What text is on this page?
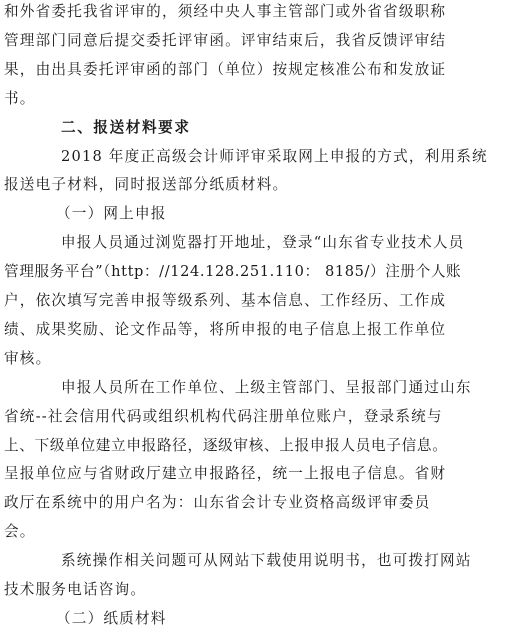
和外省委托我省评审的，须经中央人事主管部门或外省省级职称
管理部门同意后提交委托评审函。评审结束后，我省反馈评审结
果，由出具委托评审函的部门（单位）按规定核准公布和发放证
书。
二、报送材料要求
2018 年度正高级会计师评审采取网上申报的方式，利用系统
报送电子材料，同时报送部分纸质材料。
（一）网上申报
申报人员通过浏览器打开地址，登录“山东省专业技术人员
管理服务平台”（http：//124.128.251.110： 8185/）注册个人账
户，依次填写完善申报等级系列、基本信息、工作经历、工作成
绩、成果奖励、论文作品等，将所申报的电子信息上报工作单位
审核。
申报人员所在工作单位、上级主管部门、呈报部门通过山东
省统--社会信用代码或组织机构代码注册单位账户，登录系统与
上、下级单位建立申报路径，逐级审核、上报申报人员电子信息。
呈报单位应与省财政厅建立申报路径，统一上报电子信息。省财
政厅在系统中的用户名为：山东省会计专业资格高级评审委员
会。
系统操作相关问题可从网站下载使用说明书，也可拨打网站
技术服务电话咨询。
（二）纸质材料
